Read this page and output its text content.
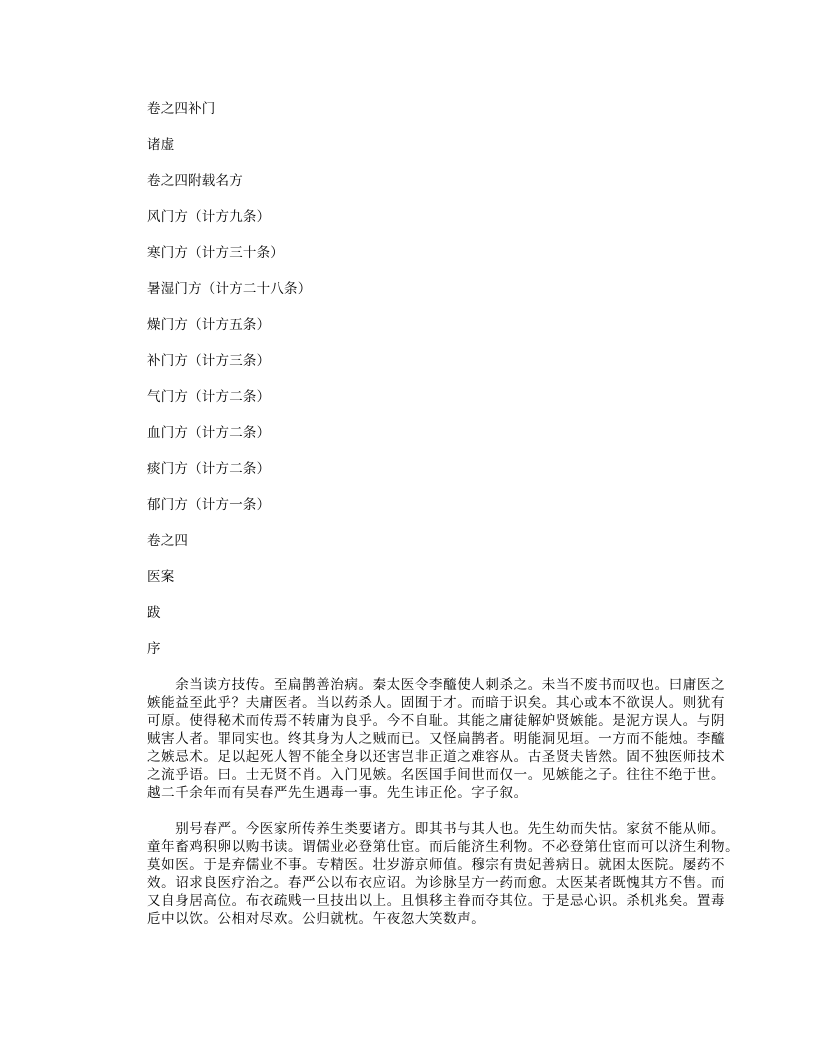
卷之四补门
诸虚
卷之四附载名方
风门方（计方九条）
寒门方（计方三十条）
暑湿门方（计方二十八条）
燥门方（计方五条）
补门方（计方三条）
气门方（计方二条）
血门方（计方二条）
痰门方（计方二条）
郁门方（计方一条）
卷之四
医案
跋
序
　　余当读方技传。至扁鹊善治病。秦太医令李醯使人刺杀之。未当不废书而叹也。曰庸医之
嫉能益至此乎？夫庸医者。当以药杀人。固囿于才。而暗于识矣。其心或本不欲误人。则犹有
可原。使得秘术而传焉不转庸为良乎。今不自耻。其能之庸徒解妒贤嫉能。是泥方误人。与阴
贼害人者。罪同实也。终其身为人之贼而已。又怪扁鹊者。明能洞见垣。一方而不能烛。李醯
之嫉忌术。足以起死人智不能全身以还害岂非正道之难容从。古圣贤夫皆然。固不独医师技术
之流乎语。曰。士无贤不肖。入门见嫉。名医国手间世而仅一。见嫉能之子。往往不绝于世。
越二千余年而有吴春严先生遇毒一事。先生讳正伦。字子叙。
　　别号春严。今医家所传养生类要诸方。即其书与其人也。先生幼而失怙。家贫不能从师。
童年畜鸡积卵以购书读。谓儒业必登第仕宦。而后能济生利物。不必登第仕宦而可以济生利物。
莫如医。于是弃儒业不事。专精医。壮岁游京师值。穆宗有贵妃善病日。就困太医院。屡药不
效。诏求良医疗治之。春严公以布衣应诏。为诊脉呈方一药而愈。太医某者既愧其方不售。而
又自身居高位。布衣疏贱一旦技出以上。且惧移主眷而夺其位。于是忌心识。杀机兆矣。置毒
卮中以饮。公相对尽欢。公归就枕。午夜忽大笑数声。
